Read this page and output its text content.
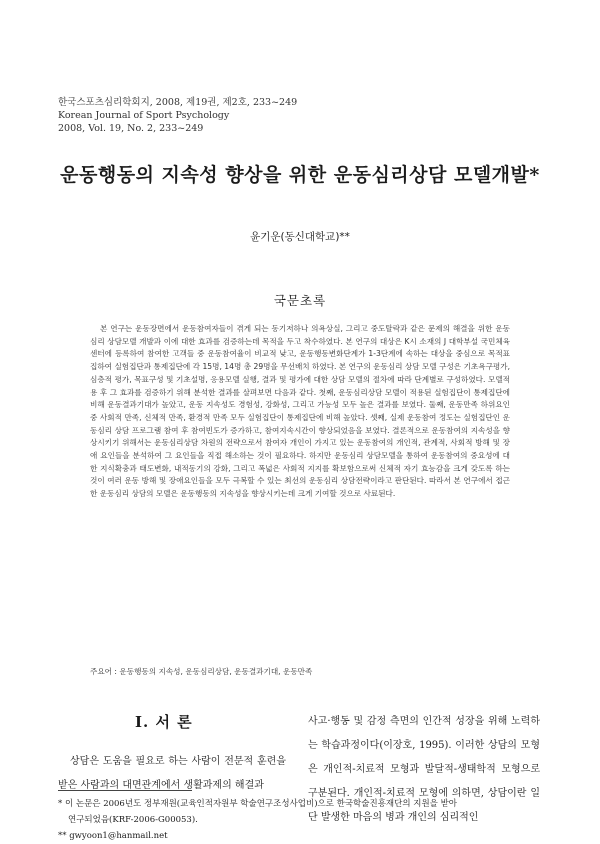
한국스포츠심리학회지, 2008, 제19권, 제2호, 233~249
Korean Journal of Sport Psychology
2008, Vol. 19, No. 2, 233~249
운동행동의 지속성 향상을 위한 운동심리상담 모델개발*
윤기운(동신대학교)**
국문초록
본 연구는 운동장면에서 운동참여자들이 겪게 되는 동기저하나 의욕상실, 그리고 중도탈락과 같은 문제의 해결을 위한 운동심리 상담모델 개발과 이에 대한 효과를 검증하는데 목적을 두고 착수하였다. 본 연구의 대상은 K시 소재의 J 대학부설 국민체육센터에 등록하여 참여한 고객들 중 운동참여율이 비교적 낮고, 운동행동변화단계가 1-3단계에 속하는 대상을 중심으로 목적표집하여 실험집단과 통제집단에 각 15명, 14명 총 29명을 무선배치 하였다. 본 연구의 운동심리 상담 모델 구성은 기초욕구평가, 심층적 평가, 목표구성 및 기초설명, 응용모델 실행, 결과 및 평가에 대한 상담 모델의 절차에 따라 단계별로 구성하였다. 모델적용 후 그 효과를 검증하기 위해 분석한 결과를 살펴보면 다음과 같다. 첫째, 운동심리상담 모델이 적용된 실험집단이 통제집단에 비해 운동결과기대가 높았고, 운동 지속성도 경험성, 강화성, 그리고 가능성 모두 높은 결과를 보였다. 둘째, 운동만족 하위요인중 사회적 만족, 신체적 만족, 환경적 만족 모두 실험집단이 통제집단에 비해 높았다. 셋째, 실제 운동참여 정도는 실험집단인 운동심리 상담 프로그램 참여 후 참여빈도가 증가하고, 참여지속시간이 향상되었음을 보였다. 결론적으로 운동참여의 지속성을 향상시키기 위해서는 운동심리상담 차원의 전략으로서 참여자 개인이 가지고 있는 운동참여의 개인적, 관계적, 사회적 방해 및 장애 요인들을 분석하여 그 요인들을 직접 해소하는 것이 필요하다. 하지만 운동심리 상담모델을 통하여 운동참여의 중요성에 대한 지식확충과 태도변화, 내적동기의 강화, 그리고 폭넓은 사회적 지지를 확보함으로써 신체적 자기 효능감을 크게 갖도록 하는 것이 여러 운동 방해 및 장애요인들을 모두 극복할 수 있는 최선의 운동심리 상담전략이라고 판단된다. 따라서 본 연구에서 접근한 운동심리 상담의 모델은 운동행동의 지속성을 향상시키는데 크게 기여할 것으로 사료된다.
주요어 : 운동행동의 지속성, 운동심리상담, 운동결과기대, 운동만족
Ⅰ. 서 론
상담은 도움을 필요로 하는 사람이 전문적 훈련을 받은 사람과의 대면관계에서 생활과제의 해결과
사고·행동 및 감정 측면의 인간적 성장을 위해 노력하는 학습과정이다(이장호, 1995). 이러한 상담의 모형은 개인적-치료적 모형과 발달적-생태학적 모형으로 구분된다. 개인적-치료적 모형에 의하면, 상담이란 일단 발생한 마음의 병과 개인의 심리적인
* 이 논문은 2006년도 정부재원(교육인적자원부 학술연구조성사업비)으로 한국학술진흥재단의 지원을 받아
연구되었음(KRF-2006-G00053).
** gwyoon1@hanmail.net
